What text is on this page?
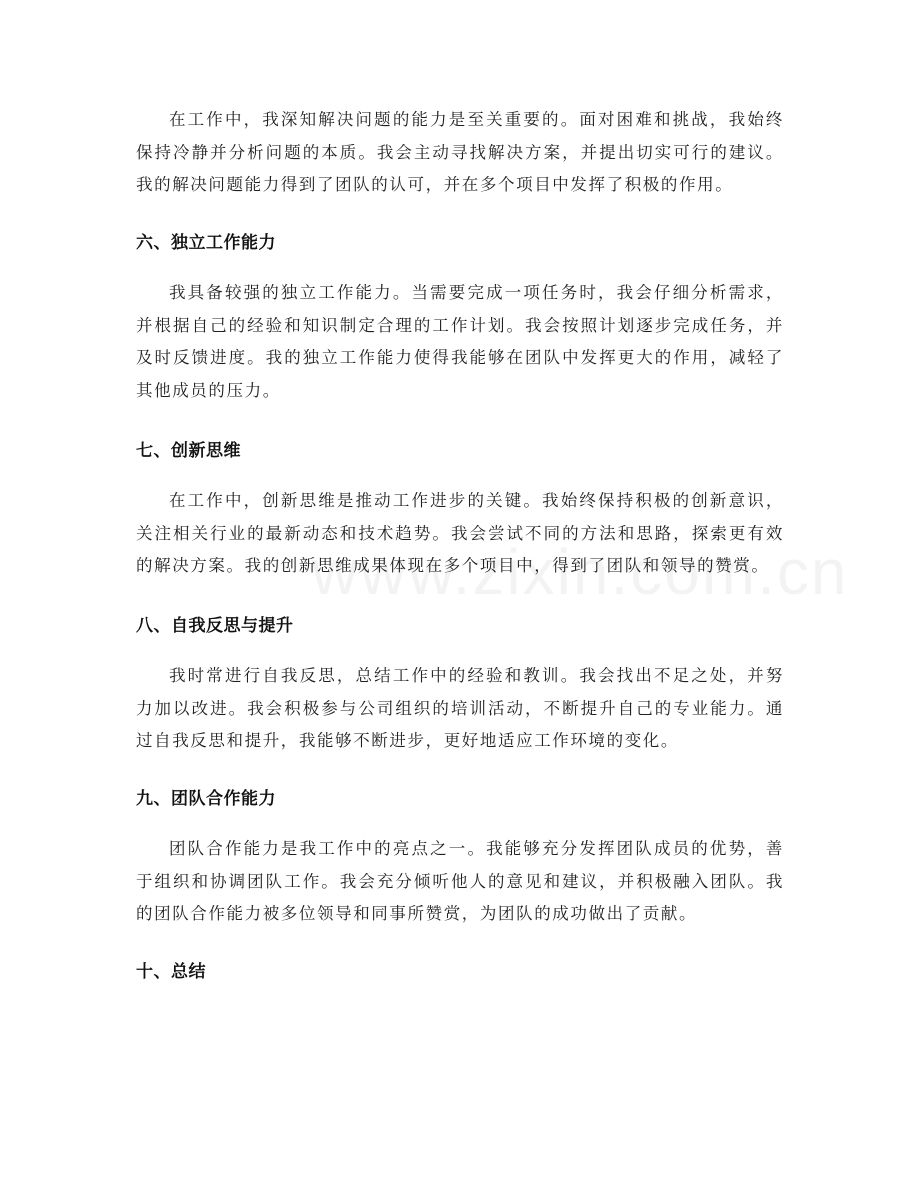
在工作中，我深知解决问题的能力是至关重要的。面对困难和挑战，我始终保持冷静并分析问题的本质。我会主动寻找解决方案，并提出切实可行的建议。我的解决问题能力得到了团队的认可，并在多个项目中发挥了积极的作用。

六、独立工作能力

我具备较强的独立工作能力。当需要完成一项任务时，我会仔细分析需求，并根据自己的经验和知识制定合理的工作计划。我会按照计划逐步完成任务，并及时反馈进度。我的独立工作能力使得我能够在团队中发挥更大的作用，减轻了其他成员的压力。

七、创新思维

在工作中，创新思维是推动工作进步的关键。我始终保持积极的创新意识，关注相关行业的最新动态和技术趋势。我会尝试不同的方法和思路，探索更有效的解决方案。我的创新思维成果体现在多个项目中，得到了团队和领导的赞赏。

八、自我反思与提升

我时常进行自我反思，总结工作中的经验和教训。我会找出不足之处，并努力加以改进。我会积极参与公司组织的培训活动，不断提升自己的专业能力。通过自我反思和提升，我能够不断进步，更好地适应工作环境的变化。

九、团队合作能力

团队合作能力是我工作中的亮点之一。我能够充分发挥团队成员的优势，善于组织和协调团队工作。我会充分倾听他人的意见和建议，并积极融入团队。我的团队合作能力被多位领导和同事所赞赏，为团队的成功做出了贡献。

十、总结
